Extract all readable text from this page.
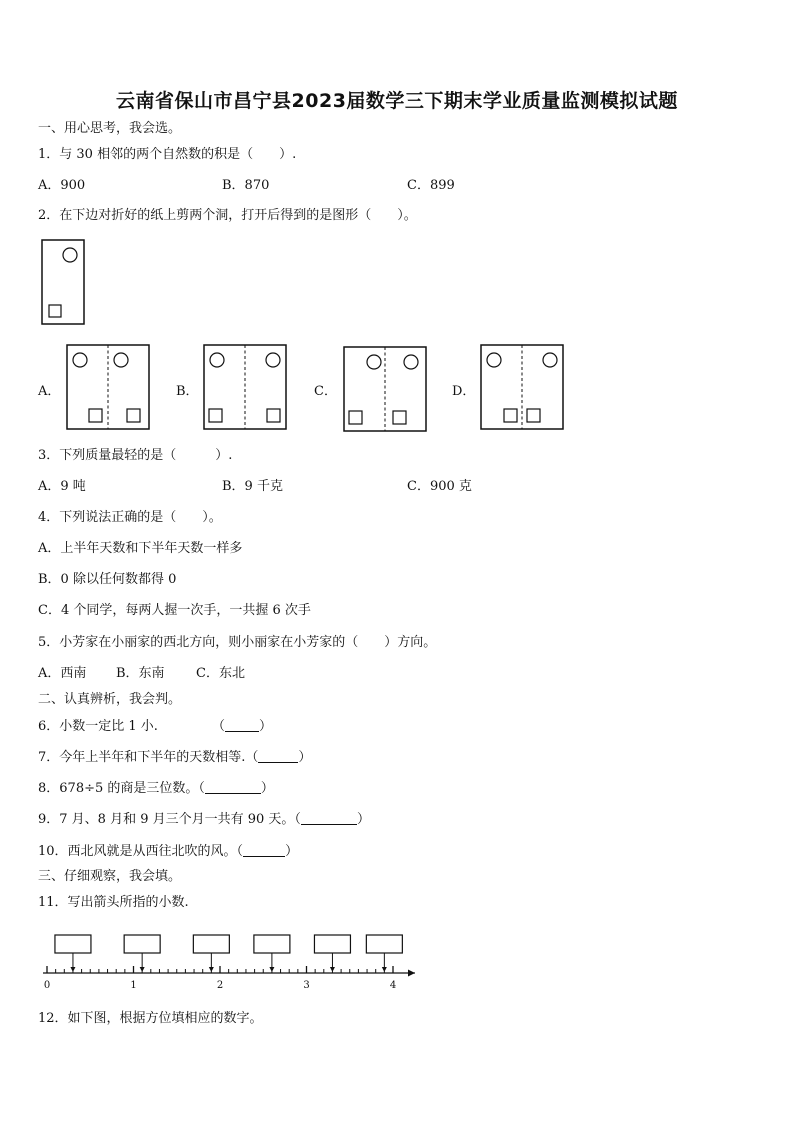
云南省保山市昌宁县2023届数学三下期末学业质量监测模拟试题
一、用心思考，我会选。
1．与 30 相邻的两个自然数的积是（　　）.
A．900	B．870	C．899
2．在下边对折好的纸上剪两个洞，打开后得到的是图形（　　）。
A．	B．	C．	D．
3．下列质量最轻的是（　　　）.
A．9 吨	B．9 千克	C．900 克
4．下列说法正确的是（　　）。
A．上半年天数和下半年天数一样多
B．0 除以任何数都得 0
C．4 个同学，每两人握一次手，一共握 6 次手
5．小芳家在小丽家的西北方向，则小丽家在小芳家的（　　）方向。
A．西南 B．东南 C．东北
二、认真辨析，我会判。
6．小数一定比 1 小.	（	）
7．今年上半年和下半年的天数相等.（	）
8．678÷5 的商是三位数。（	）
9．7 月、8 月和 9 月三个月一共有 90 天。（	）
10．西北风就是从西往北吹的风。（	）
三、仔细观察，我会填。
11．写出箭头所指的小数.
0	1	2	3	4
12．如下图，根据方位填相应的数字。
